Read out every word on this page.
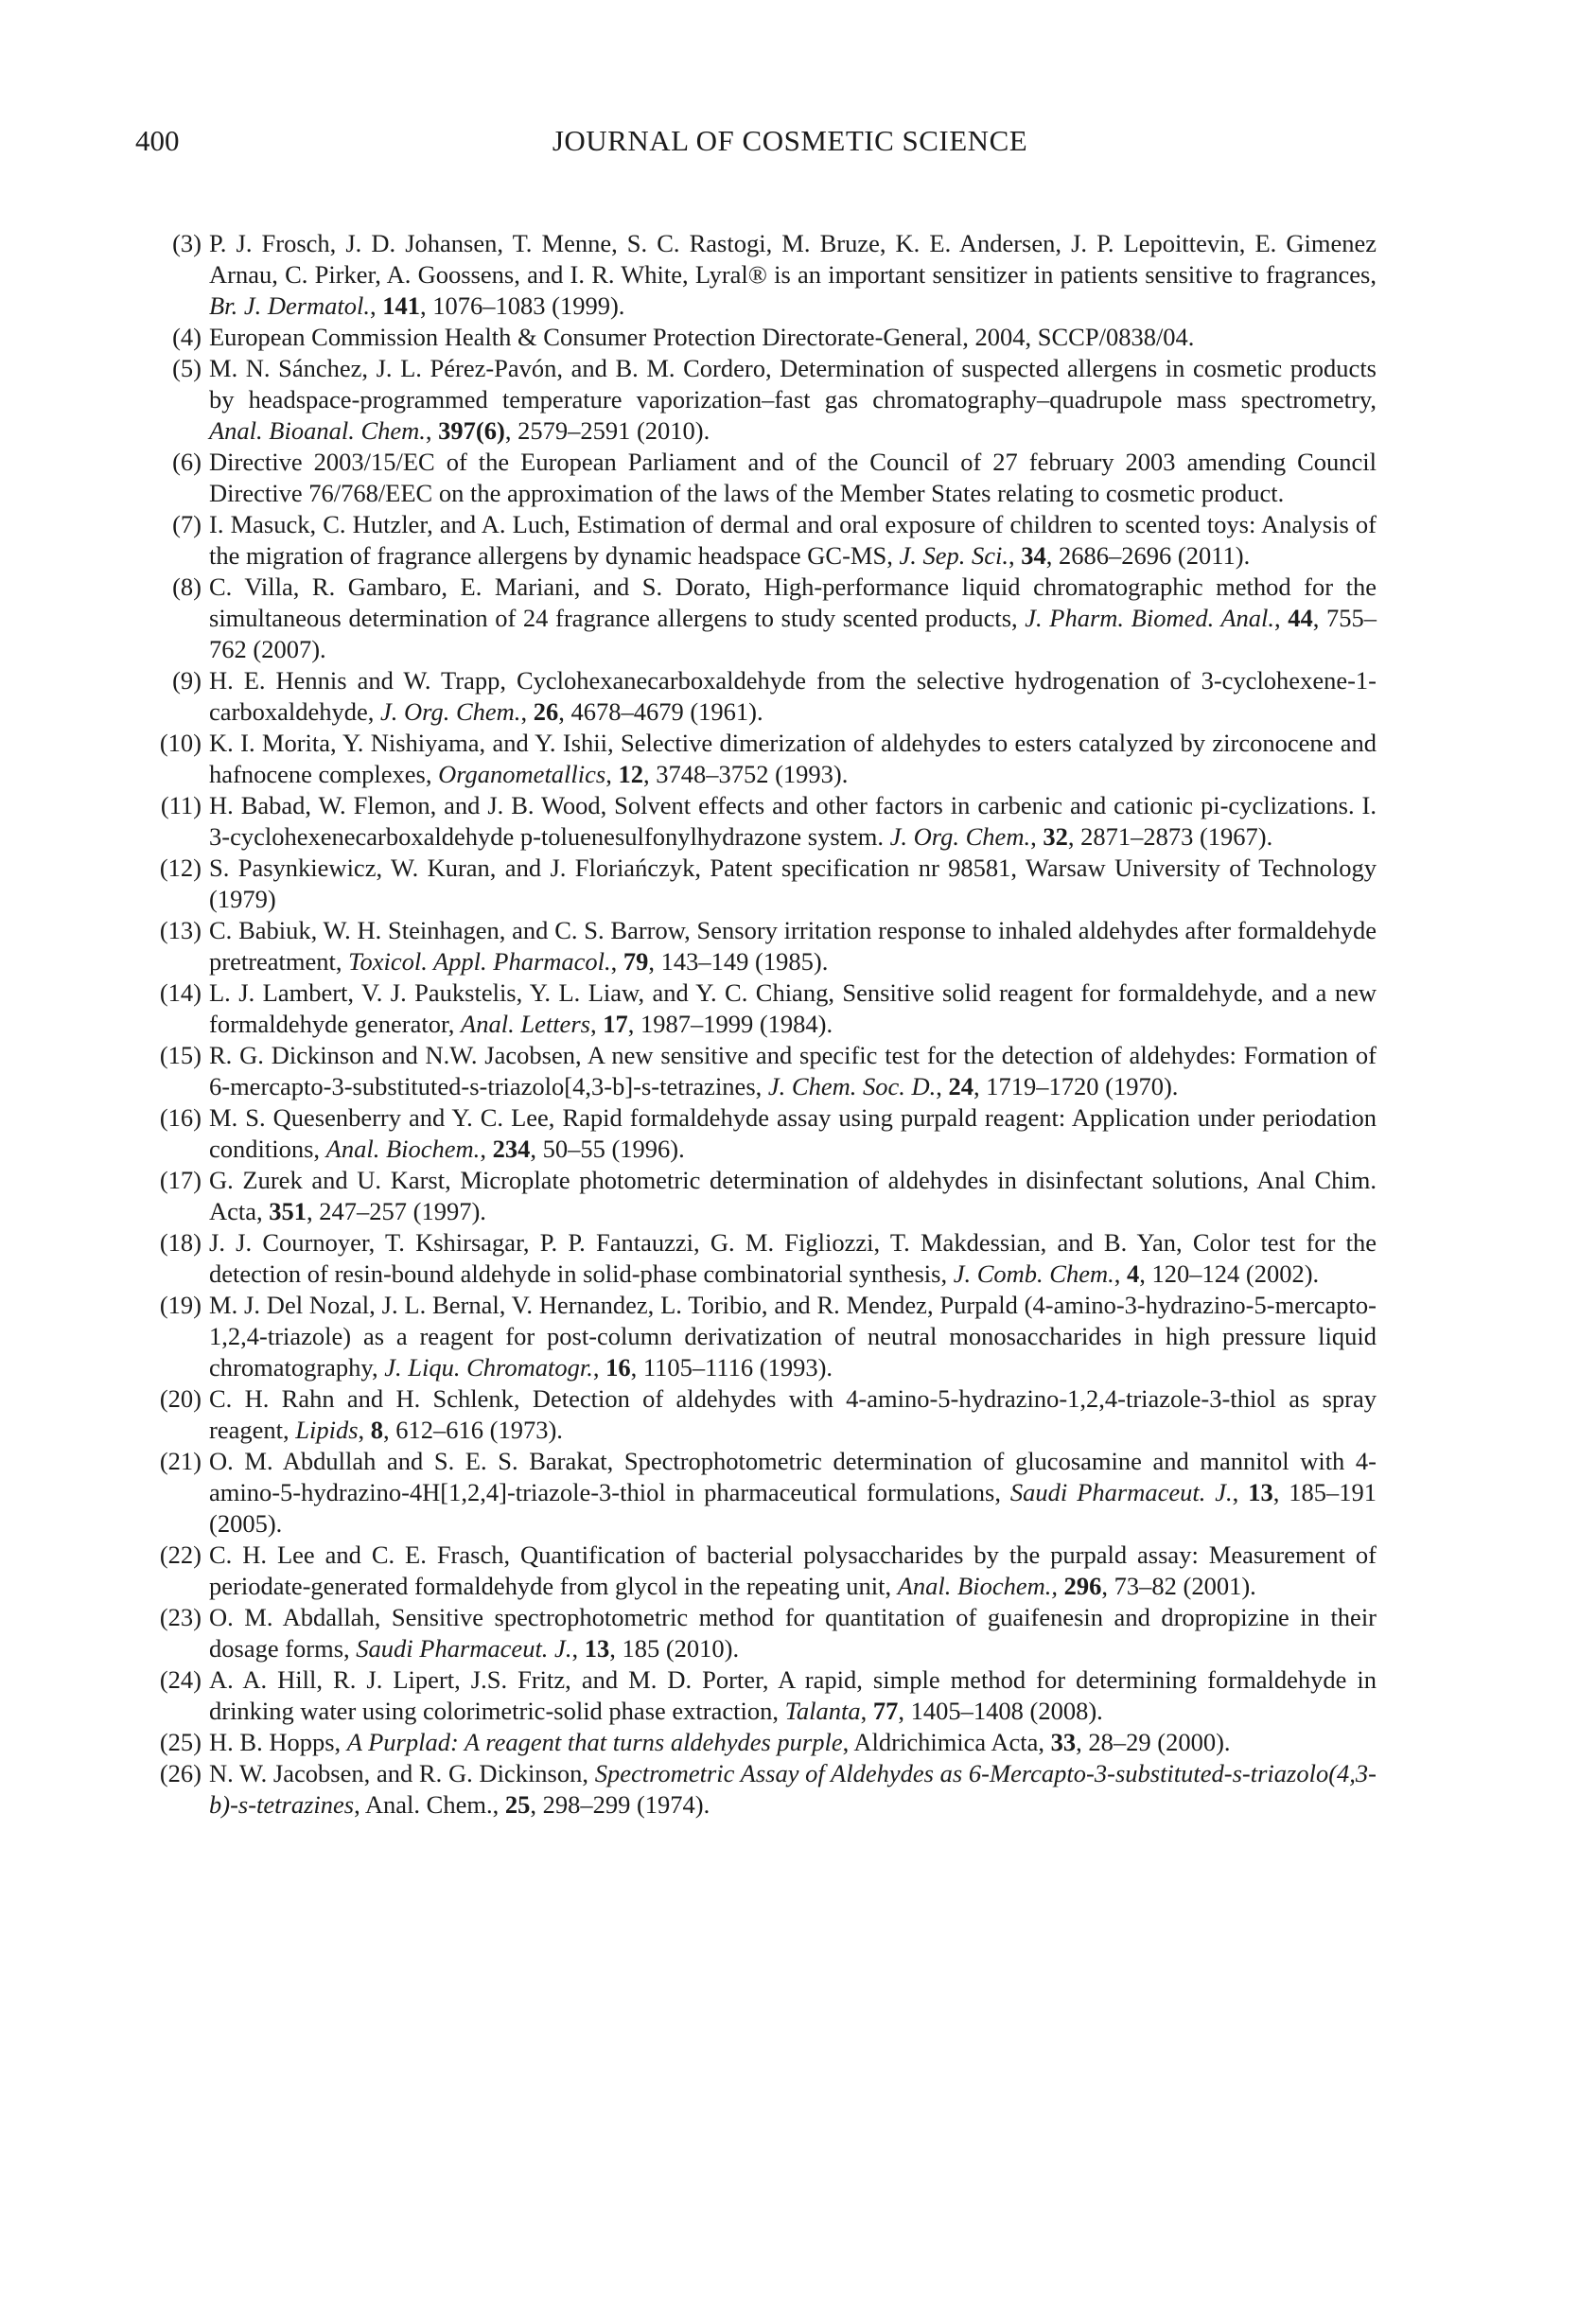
400	JOURNAL OF COSMETIC SCIENCE
(3) P. J. Frosch, J. D. Johansen, T. Menne, S. C. Rastogi, M. Bruze, K. E. Andersen, J. P. Lepoittevin, E. Gimenez Arnau, C. Pirker, A. Goossens, and I. R. White, Lyral® is an important sensitizer in patients sensitive to fragrances, Br. J. Dermatol., 141, 1076–1083 (1999).
(4) European Commission Health & Consumer Protection Directorate-General, 2004, SCCP/0838/04.
(5) M. N. Sánchez, J. L. Pérez-Pavón, and B. M. Cordero, Determination of suspected allergens in cosmetic products by headspace-programmed temperature vaporization–fast gas chromatography–quadrupole mass spectrometry, Anal. Bioanal. Chem., 397(6), 2579–2591 (2010).
(6) Directive 2003/15/EC of the European Parliament and of the Council of 27 february 2003 amending Council Directive 76/768/EEC on the approximation of the laws of the Member States relating to cosmetic product.
(7) I. Masuck, C. Hutzler, and A. Luch, Estimation of dermal and oral exposure of children to scented toys: Analysis of the migration of fragrance allergens by dynamic headspace GC-MS, J. Sep. Sci., 34, 2686–2696 (2011).
(8) C. Villa, R. Gambaro, E. Mariani, and S. Dorato, High-performance liquid chromatographic method for the simultaneous determination of 24 fragrance allergens to study scented products, J. Pharm. Biomed. Anal., 44, 755–762 (2007).
(9) H. E. Hennis and W. Trapp, Cyclohexanecarboxaldehyde from the selective hydrogenation of 3-cyclohexene-1-carboxaldehyde, J. Org. Chem., 26, 4678–4679 (1961).
(10) K. I. Morita, Y. Nishiyama, and Y. Ishii, Selective dimerization of aldehydes to esters catalyzed by zirconocene and hafnocene complexes, Organometallics, 12, 3748–3752 (1993).
(11) H. Babad, W. Flemon, and J. B. Wood, Solvent effects and other factors in carbenic and cationic pi-cyclizations. I. 3-cyclohexenecarboxaldehyde p-toluenesulfonylhydrazone system. J. Org. Chem., 32, 2871–2873 (1967).
(12) S. Pasynkiewicz, W. Kuran, and J. Floriańczyk, Patent specification nr 98581, Warsaw University of Technology (1979)
(13) C. Babiuk, W. H. Steinhagen, and C. S. Barrow, Sensory irritation response to inhaled aldehydes after formaldehyde pretreatment, Toxicol. Appl. Pharmacol., 79, 143–149 (1985).
(14) L. J. Lambert, V. J. Paukstelis, Y. L. Liaw, and Y. C. Chiang, Sensitive solid reagent for formaldehyde, and a new formaldehyde generator, Anal. Letters, 17, 1987–1999 (1984).
(15) R. G. Dickinson and N.W. Jacobsen, A new sensitive and specific test for the detection of aldehydes: Formation of 6-mercapto-3-substituted-s-triazolo[4,3-b]-s-tetrazines, J. Chem. Soc. D., 24, 1719–1720 (1970).
(16) M. S. Quesenberry and Y. C. Lee, Rapid formaldehyde assay using purpald reagent: Application under periodation conditions, Anal. Biochem., 234, 50–55 (1996).
(17) G. Zurek and U. Karst, Microplate photometric determination of aldehydes in disinfectant solutions, Anal Chim. Acta, 351, 247–257 (1997).
(18) J. J. Cournoyer, T. Kshirsagar, P. P. Fantauzzi, G. M. Figliozzi, T. Makdessian, and B. Yan, Color test for the detection of resin-bound aldehyde in solid-phase combinatorial synthesis, J. Comb. Chem., 4, 120–124 (2002).
(19) M. J. Del Nozal, J. L. Bernal, V. Hernandez, L. Toribio, and R. Mendez, Purpald (4-amino-3-hydrazino-5-mercapto-1,2,4-triazole) as a reagent for post-column derivatization of neutral monosaccharides in high pressure liquid chromatography, J. Liqu. Chromatogr., 16, 1105–1116 (1993).
(20) C. H. Rahn and H. Schlenk, Detection of aldehydes with 4-amino-5-hydrazino-1,2,4-triazole-3-thiol as spray reagent, Lipids, 8, 612–616 (1973).
(21) O. M. Abdullah and S. E. S. Barakat, Spectrophotometric determination of glucosamine and mannitol with 4-amino-5-hydrazino-4H[1,2,4]-triazole-3-thiol in pharmaceutical formulations, Saudi Pharmaceut. J., 13, 185–191 (2005).
(22) C. H. Lee and C. E. Frasch, Quantification of bacterial polysaccharides by the purpald assay: Measurement of periodate-generated formaldehyde from glycol in the repeating unit, Anal. Biochem., 296, 73–82 (2001).
(23) O. M. Abdallah, Sensitive spectrophotometric method for quantitation of guaifenesin and dropropizine in their dosage forms, Saudi Pharmaceut. J., 13, 185 (2010).
(24) A. A. Hill, R. J. Lipert, J.S. Fritz, and M. D. Porter, A rapid, simple method for determining formaldehyde in drinking water using colorimetric-solid phase extraction, Talanta, 77, 1405–1408 (2008).
(25) H. B. Hopps, A Purplad: A reagent that turns aldehydes purple, Aldrichimica Acta, 33, 28–29 (2000).
(26) N. W. Jacobsen, and R. G. Dickinson, Spectrometric Assay of Aldehydes as 6-Mercapto-3-substituted-s-triazolo(4,3-b)-s-tetrazines, Anal. Chem., 25, 298–299 (1974).
